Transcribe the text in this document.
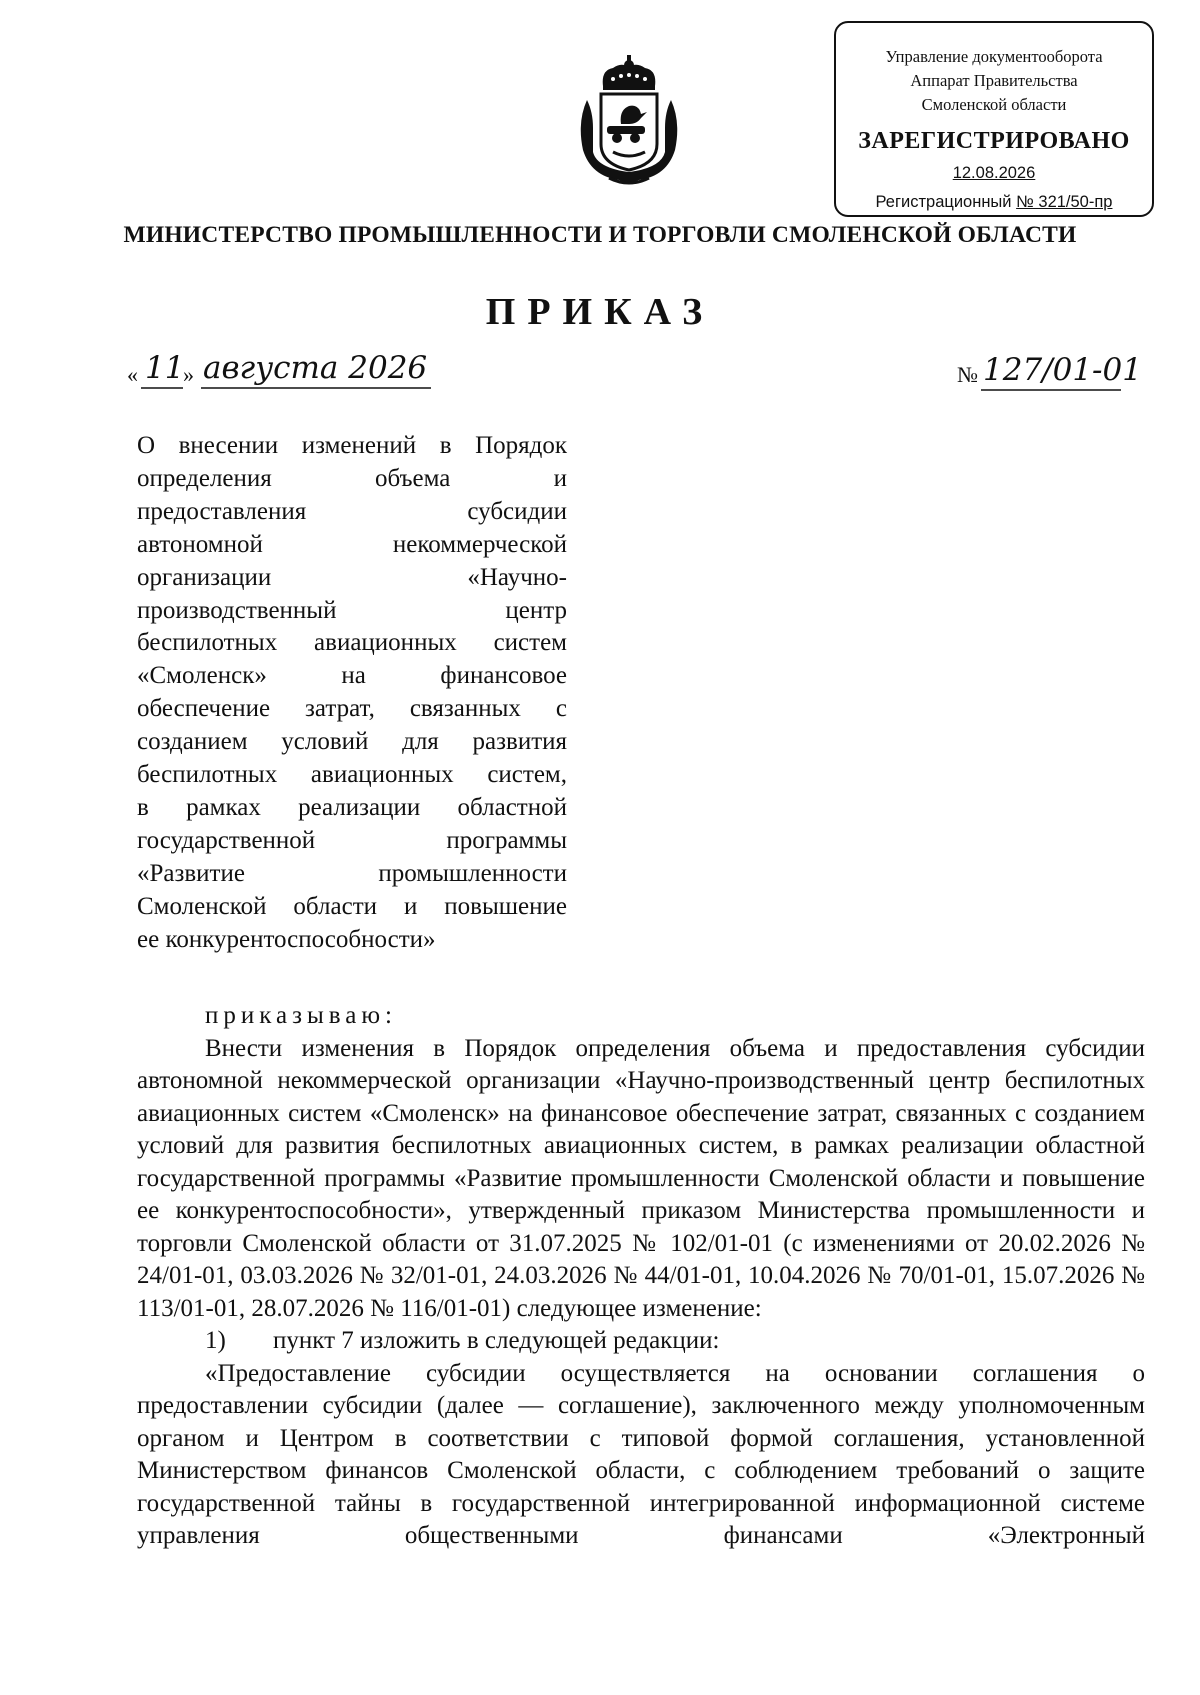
Управление документооборота
Аппарат Правительства
Смоленской области
ЗАРЕГИСТРИРОВАНО
12.08.2026
Регистрационный № 321/50-пр
МИНИСТЕРСТВО ПРОМЫШЛЕННОСТИ И ТОРГОВЛИ СМОЛЕНСКОЙ ОБЛАСТИ
ПРИКАЗ
« 11
» августа 2026	№ 127/01-01
О внесении изменений в Порядок
определения объема и
предоставления субсидии
автономной некоммерческой
организации «Научно-
производственный центр
беспилотных авиационных систем
«Смоленск» на финансовое
обеспечение затрат, связанных с
созданием условий для развития
беспилотных авиационных систем,
в рамках реализации областной
государственной программы
«Развитие промышленности
Смоленской области и повышение
ее конкурентоспособности»

приказываю:

Внести изменения в Порядок определения объема и предоставления субсидии автономной некоммерческой организации «Научно-производственный центр беспилотных авиационных систем «Смоленск» на финансовое обеспечение затрат, связанных с созданием условий для развития беспилотных авиационных систем, в рамках реализации областной государственной программы «Развитие промышленности Смоленской области и повышение ее конкурентоспособности», утвержденный приказом Министерства промышленности и торговли Смоленской области от 31.07.2025 № 102/01-01 (с изменениями от 20.02.2026 № 24/01-01, 03.03.2026 № 32/01-01, 24.03.2026 № 44/01-01, 10.04.2026 № 70/01-01, 15.07.2026 № 113/01-01, 28.07.2026 № 116/01-01) следующее изменение:

1) пункт 7 изложить в следующей редакции:

«Предоставление субсидии осуществляется на основании соглашения о предоставлении субсидии (далее — соглашение), заключенного между уполномоченным органом и Центром в соответствии с типовой формой соглашения, установленной Министерством финансов Смоленской области, с соблюдением требований о защите государственной тайны в государственной интегрированной информационной системе управления общественными финансами «Электронный
